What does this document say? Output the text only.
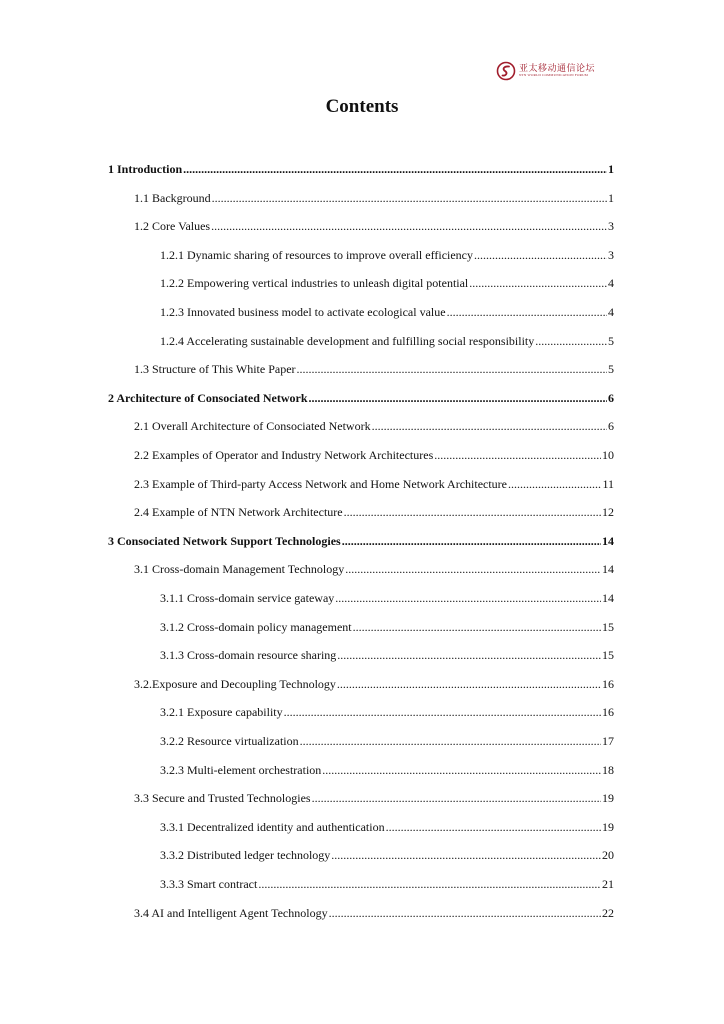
亚太移动通信论坛
NTN WORLD COMMUNICATION FORUM
Contents
1 Introduction .....	1
1.1 Background .....	1
1.2 Core Values .....	3
1.2.1 Dynamic sharing of resources to improve overall efficiency .....	3
1.2.2 Empowering vertical industries to unleash digital potential .....	4
1.2.3 Innovated business model to activate ecological value .....	4
1.2.4 Accelerating sustainable development and fulfilling social responsibility .....	5
1.3 Structure of This White Paper .....	5
2 Architecture of Consociated Network .....	6
2.1 Overall Architecture of Consociated Network .....	6
2.2 Examples of Operator and Industry Network Architectures .....	10
2.3 Example of Third-party Access Network and Home Network Architecture .....	11
2.4 Example of NTN Network Architecture .....	12
3 Consociated Network Support Technologies .....	14
3.1 Cross-domain Management Technology .....	14
3.1.1 Cross-domain service gateway .....	14
3.1.2 Cross-domain policy management .....	15
3.1.3 Cross-domain resource sharing .....	15
3.2.Exposure and Decoupling Technology .....	16
3.2.1 Exposure capability .....	16
3.2.2 Resource virtualization .....	17
3.2.3 Multi-element orchestration .....	18
3.3 Secure and Trusted Technologies .....	19
3.3.1 Decentralized identity and authentication .....	19
3.3.2 Distributed ledger technology .....	20
3.3.3 Smart contract .....	21
3.4 AI and Intelligent Agent Technology .....	22
